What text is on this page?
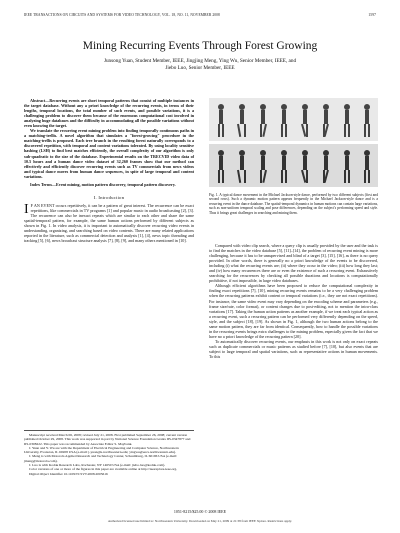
IEEE TRANSACTIONS ON CIRCUITS AND SYSTEMS FOR VIDEO TECHNOLOGY, VOL. 18, NO. 11, NOVEMBER 2008	1597
Mining Recurring Events Through Forest Growing
Junsong Yuan, Student Member, IEEE, Jingjing Meng, Ying Wu, Senior Member, IEEE, and
Jiebo Luo, Senior Member, IEEE

Abstract—Recurring events are short temporal patterns that consist of multiple instances in the target database. Without any a priori knowledge of the recurring events, in terms of their lengths, temporal locations, the total number of such events, and possible variations, it is a challenging problem to discover them because of the enormous computational cost involved in analyzing huge databases and the difficulty in accommodating all the possible variations without even knowing the target.

We translate the recurring event mining problem into finding temporally continuous paths in a matching-trellis. A novel algorithm that simulates a "forest-growing" procedure in the matching-trellis is proposed. Each tree branch in the resulting forest naturally corresponds to a discovered repetition, with temporal and content variations tolerated. By using locality sensitive hashing (LSH) to find best matches efficiently, the overall complexity of our algorithm is only sub-quadratic to the size of the database. Experimental results on the TRECVID video data of 10.5 hours and a human dance video dataset of 32,260 frames show that our method can effectively and efficiently discover recurring events such as TV commercials from news videos and typical dance moves from human dance sequences, in spite of large temporal and content variations.

Index Terms—Event mining, motion pattern discovery, temporal pattern discovery.

I. Introduction

I F AN EVENT occurs repetitively, it can be a pattern of great interest. The recurrence can be exact repetitions, like commercials in TV programs [1] and popular music in audio broadcasting [2], [3]. The recurrence can also be inexact repeats which are similar to each other and share the same spatial-temporal pattern, for example, the same human actions performed by different subjects as shown in Fig. 1. In video analysis, it is important to automatically discover recurring video events in understanding, organizing, and searching based on video contents. There are many related applications reported in the literature, such as commercial detection and analysis [1], [4], news topic threading and tracking [5], [6], news broadcast structure analysis [7], [8], [9], and many others mentioned in [10].

Manuscript received March 06, 2008; revised July 21, 2008. First published September 26, 2008; current version published October 29, 2008. This work was supported in part by National Science Foundation Grants IIS-0347877 and IIS-0308222. This paper was recommended by Associate Editor S. Maybank.

J. Yuan and Y. Wu are with the Department of Electrical Engineering and Computer Science, Northwestern University, Evanston, IL 60208 USA (e-mail: j-yuan@u.northwestern.edu; yingwu@eecs.northwestern.edu).

J. Meng is with Motorola Applied Research and Technology Center, Schaumburg, IL 60196 USA (e-mail: jmeng@motorola.com).

J. Luo is with Kodak Research Labs, Rochester, NY 14650 USA (e-mail: jiebo.luo@kodak.com).

Color versions of one or more of the figures in this paper are available online at http://ieeexplore.ieee.org.

Digital Object Identifier 10.1109/TCSVT.2008.2005616

Fig. 1. A typical dance movement in the Michael Jackson-style dance, performed by two different subjects (first and second rows). Such a dynamic motion pattern appears frequently in the Michael Jackson-style dance and is a recurring event in the dance database. The spatial-temporal dynamics in human motions can contain large variations, such as non-uniform temporal scaling and pose differences, depending on the subject's performing speed and style. Thus it brings great challenges in searching and mining them.

Compared with video clip search, where a query clip is usually provided by the user and the task is to find the matches in the video database [5], [11]–[14], the problem of recurring event mining is more challenging, because it has to be unsupervised and blind of a target [3], [15], [16], as there is no query provided. In other words, there is generally no a priori knowledge of the events to be discovered, including (i) what the recurring events are; (ii) where they occur in the video; (iii) how long they last; and (iv) how many recurrences there are or even the existence of such a recurring event. Exhaustively searching for the recurrences by checking all possible durations and locations is computationally prohibitive, if not impossible, in large video databases.

Although efficient algorithms have been proposed to reduce the computational complexity in finding exact repetitions [7], [10], mining recurring events remains to be a very challenging problem when the recurring patterns exhibit content or temporal variations (i.e., they are not exact repetitions). For instance, the same video event may vary depending on the encoding scheme and parameters (e.g., frame size/rate, color format), or content changes due to post-editing, not to mention the intra-class variations [17]. Taking the human action patterns as another example, if we treat each typical action as a recurring event, such a recurring pattern can be performed very differently depending on the speed, style, and the subject [18], [19]. As shown in Fig. 1, although the two human actions belong to the same motion pattern, they are far from identical. Consequently, how to handle the possible variations in the recurring events brings extra challenges to the mining problem, especially given the fact that we have no a priori knowledge of the recurring pattern [20].

To automatically discover recurring events, our emphasis in this work is not only on exact repeats such as duplicate commercials or music patterns as studied before [7], [10], but also events that are subject to large temporal and spatial variations, such as representative actions in human movements. To this

1051-8215/$25.00 © 2008 IEEE
Authorized licensed use limited to: Northwestern University. Downloaded on May 21, 2009 at 21:38 from IEEE Xplore. Restrictions apply.
